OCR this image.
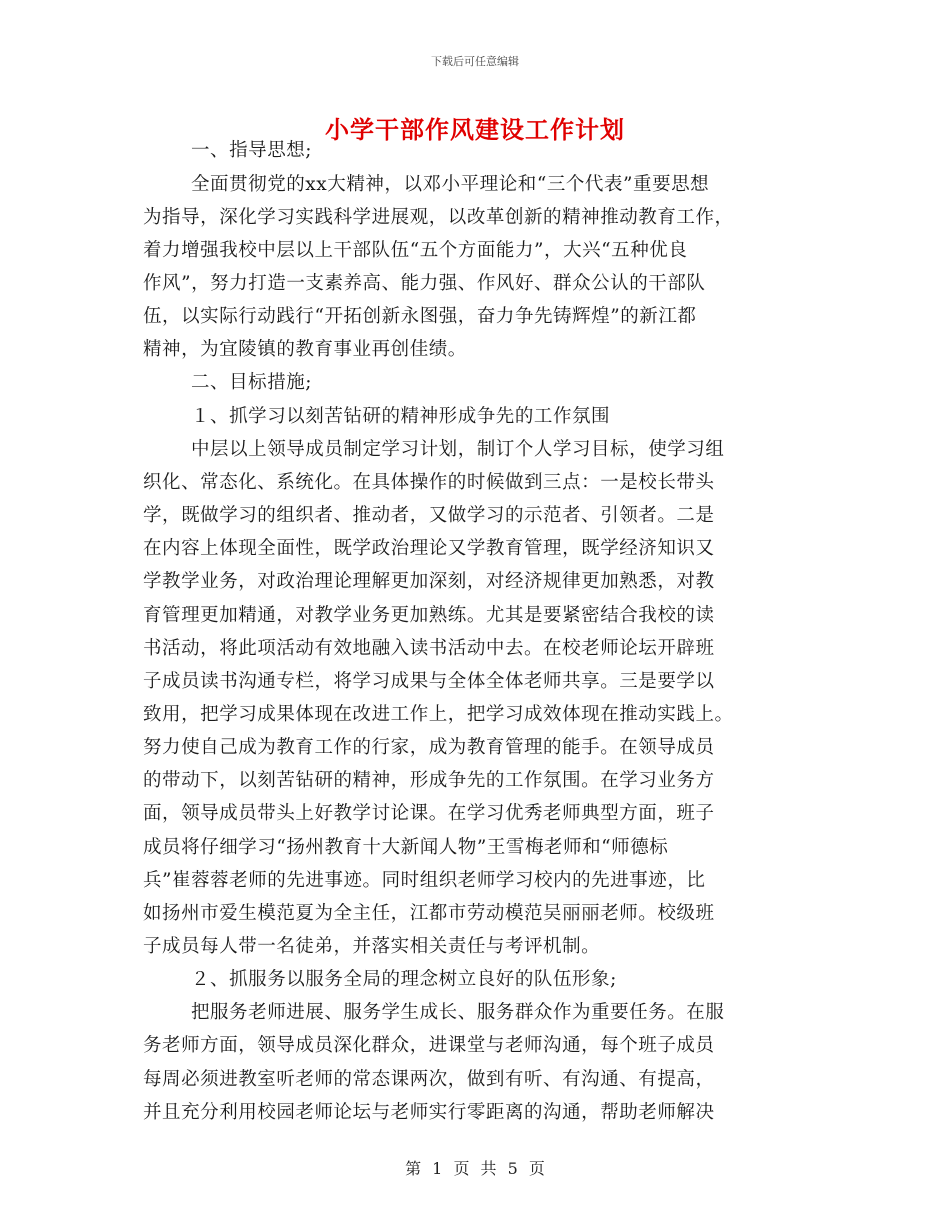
下载后可任意编辑
小学干部作风建设工作计划
一、指导思想;
全面贯彻党的xx大精神，以邓小平理论和“三个代表”重要思想
为指导，深化学习实践科学进展观，以改革创新的精神推动教育工作，
着力增强我校中层以上干部队伍“五个方面能力”，大兴“五种优良
作风”，努力打造一支素养高、能力强、作风好、群众公认的干部队
伍，以实际行动践行“开拓创新永图强，奋力争先铸辉煌”的新江都
精神，为宜陵镇的教育事业再创佳绩。
二、目标措施;
１、抓学习以刻苦钻研的精神形成争先的工作氛围
中层以上领导成员制定学习计划，制订个人学习目标，使学习组
织化、常态化、系统化。在具体操作的时候做到三点：一是校长带头
学，既做学习的组织者、推动者，又做学习的示范者、引领者。二是
在内容上体现全面性，既学政治理论又学教育管理，既学经济知识又
学教学业务，对政治理论理解更加深刻，对经济规律更加熟悉，对教
育管理更加精通，对教学业务更加熟练。尤其是要紧密结合我校的读
书活动，将此项活动有效地融入读书活动中去。在校老师论坛开辟班
子成员读书沟通专栏，将学习成果与全体全体老师共享。三是要学以
致用，把学习成果体现在改进工作上，把学习成效体现在推动实践上。
努力使自己成为教育工作的行家，成为教育管理的能手。在领导成员
的带动下，以刻苦钻研的精神，形成争先的工作氛围。在学习业务方
面，领导成员带头上好教学讨论课。在学习优秀老师典型方面，班子
成员将仔细学习“扬州教育十大新闻人物”王雪梅老师和“师德标
兵”崔蓉蓉老师的先进事迹。同时组织老师学习校内的先进事迹，比
如扬州市爱生模范夏为全主任，江都市劳动模范吴丽丽老师。校级班
子成员每人带一名徒弟，并落实相关责任与考评机制。
２、抓服务以服务全局的理念树立良好的队伍形象;
把服务老师进展、服务学生成长、服务群众作为重要任务。在服
务老师方面，领导成员深化群众，进课堂与老师沟通，每个班子成员
每周必须进教室听老师的常态课两次，做到有听、有沟通、有提高，
并且充分利用校园老师论坛与老师实行零距离的沟通，帮助老师解决
第 1 页 共 5 页
